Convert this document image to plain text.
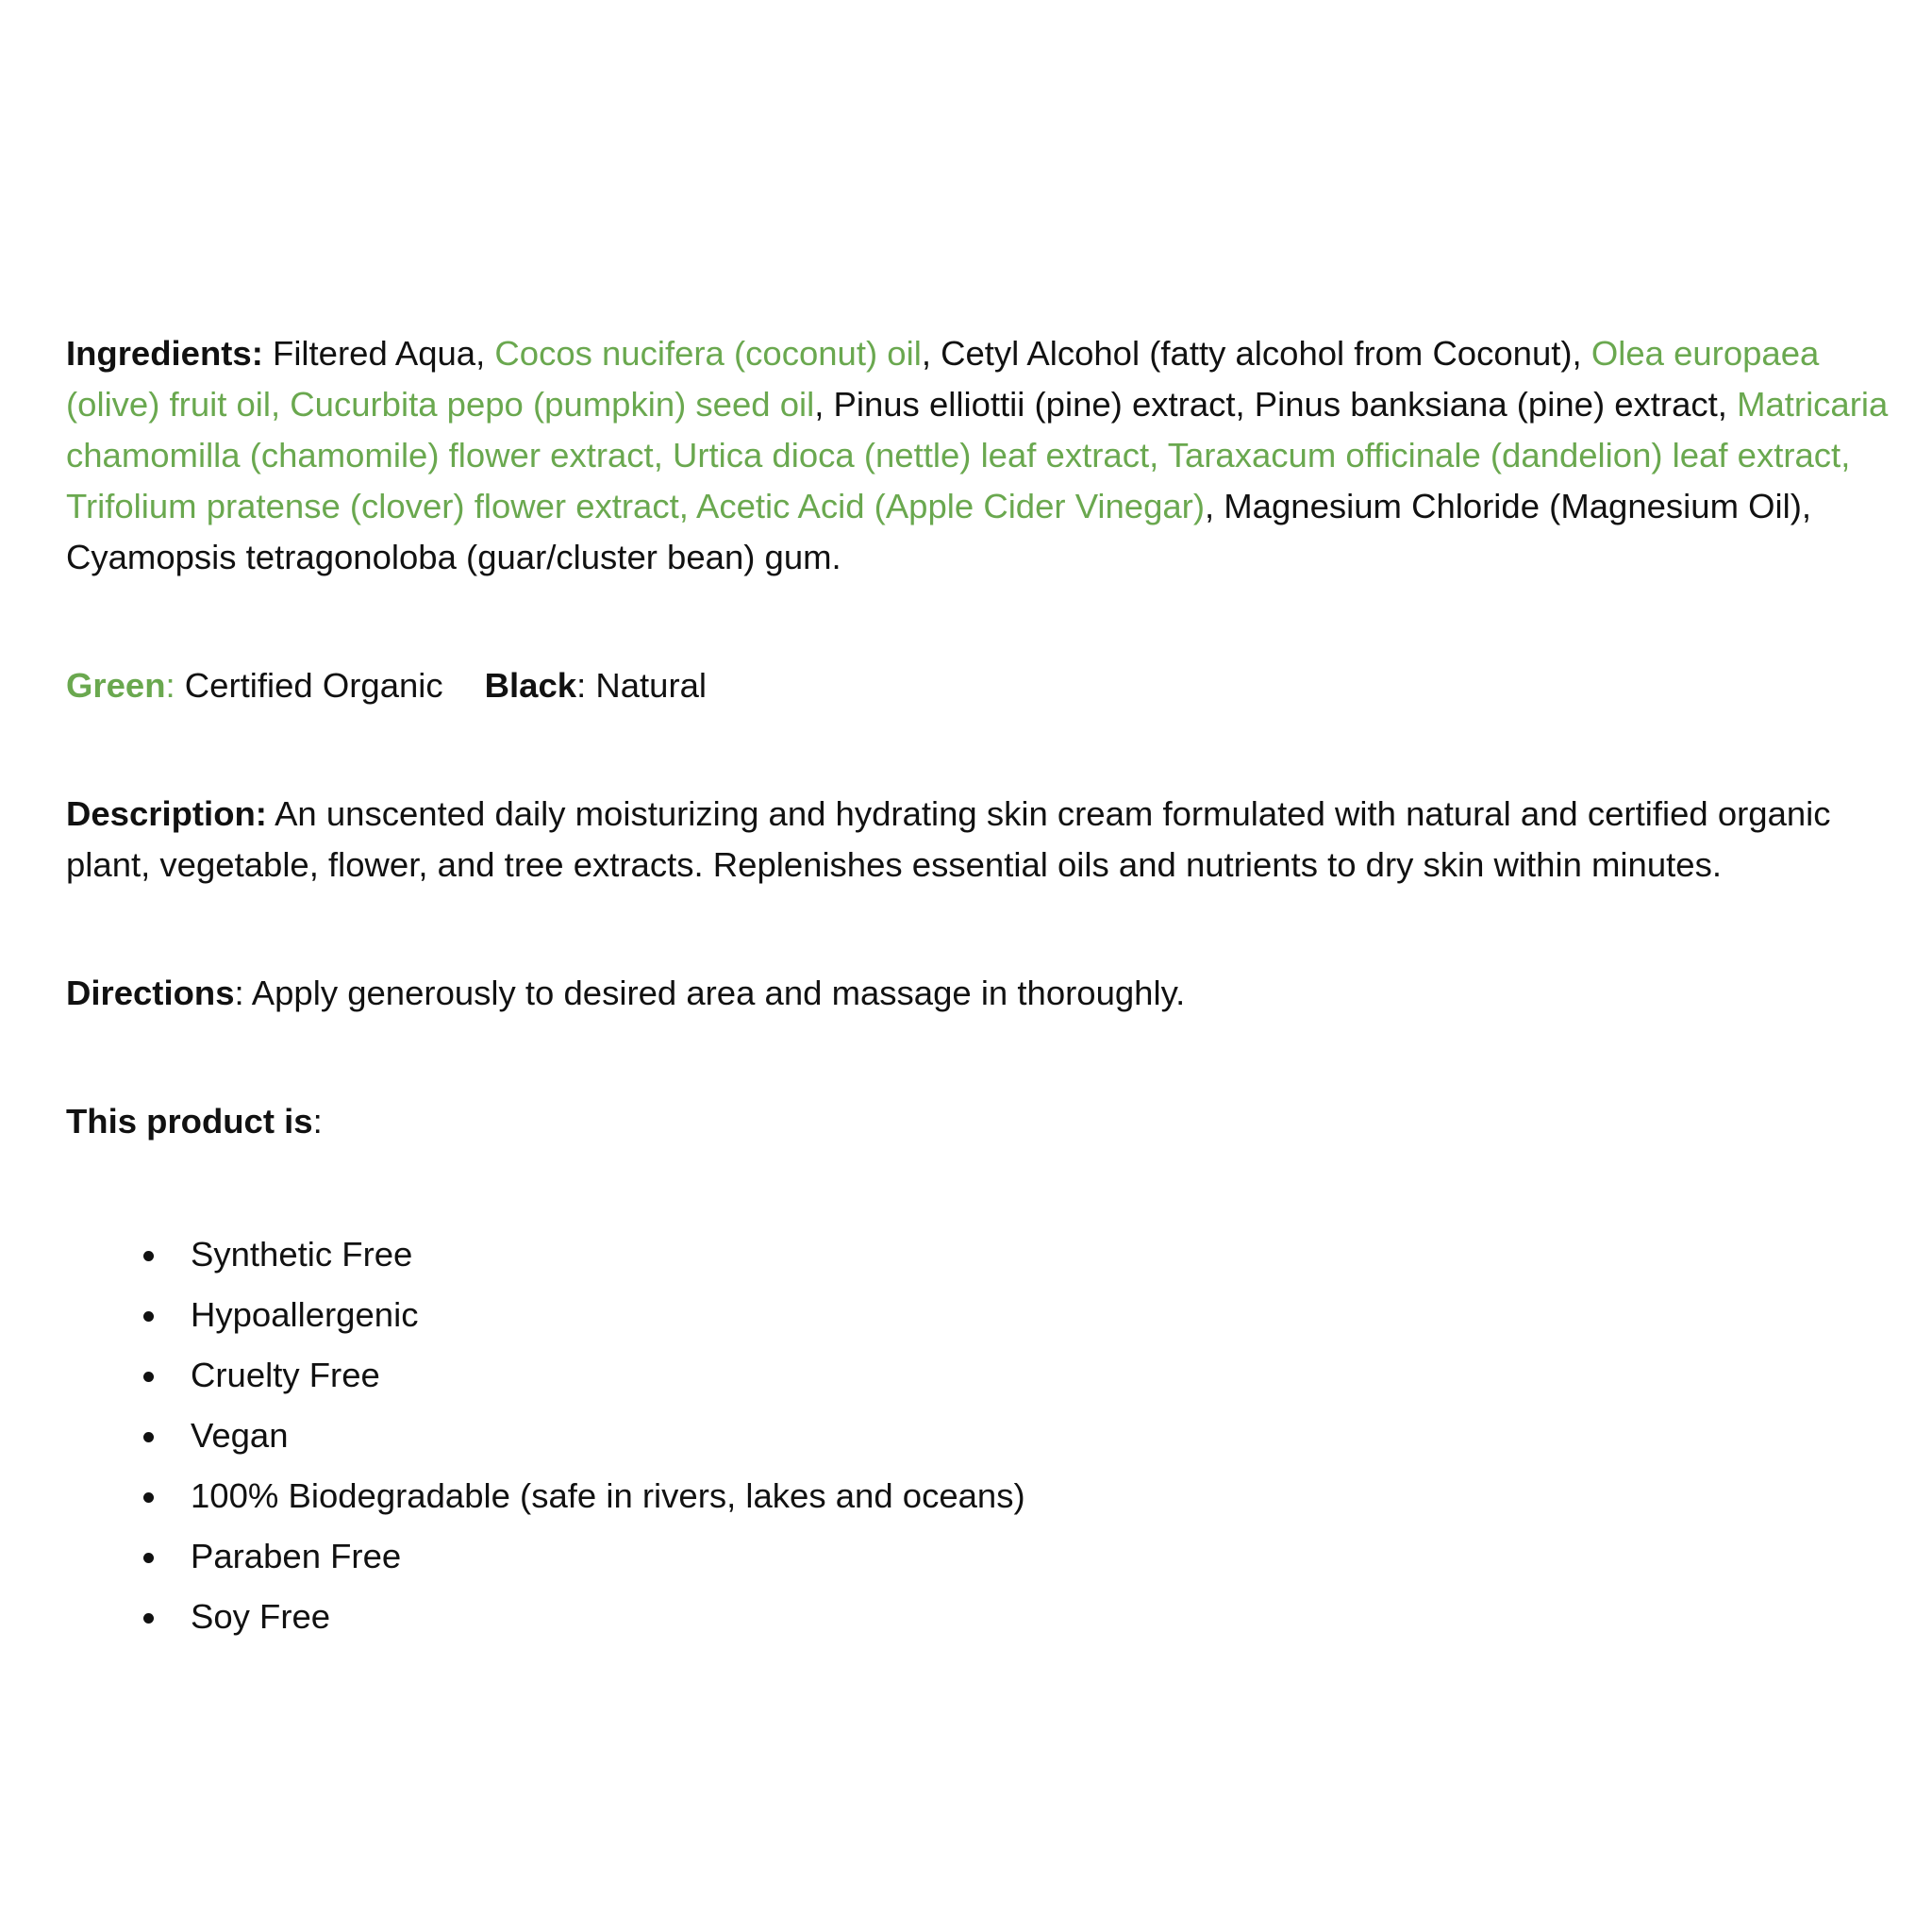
Ingredients: Filtered Aqua, Cocos nucifera (coconut) oil, Cetyl Alcohol (fatty alcohol from Coconut), Olea europaea (olive) fruit oil, Cucurbita pepo (pumpkin) seed oil, Pinus elliottii (pine) extract, Pinus banksiana (pine) extract, Matricaria chamomilla (chamomile) flower extract, Urtica dioca (nettle) leaf extract, Taraxacum officinale (dandelion) leaf extract, Trifolium pratense (clover) flower extract, Acetic Acid (Apple Cider Vinegar), Magnesium Chloride (Magnesium Oil), Cyamopsis tetragonoloba (guar/cluster bean) gum.

Green: Certified Organic Black: Natural

Description: An unscented daily moisturizing and hydrating skin cream formulated with natural and certified organic plant, vegetable, flower, and tree extracts. Replenishes essential oils and nutrients to dry skin within minutes.

Directions: Apply generously to desired area and massage in thoroughly.

This product is:

Synthetic Free
Hypoallergenic
Cruelty Free
Vegan
100% Biodegradable (safe in rivers, lakes and oceans)
Paraben Free
Soy Free
